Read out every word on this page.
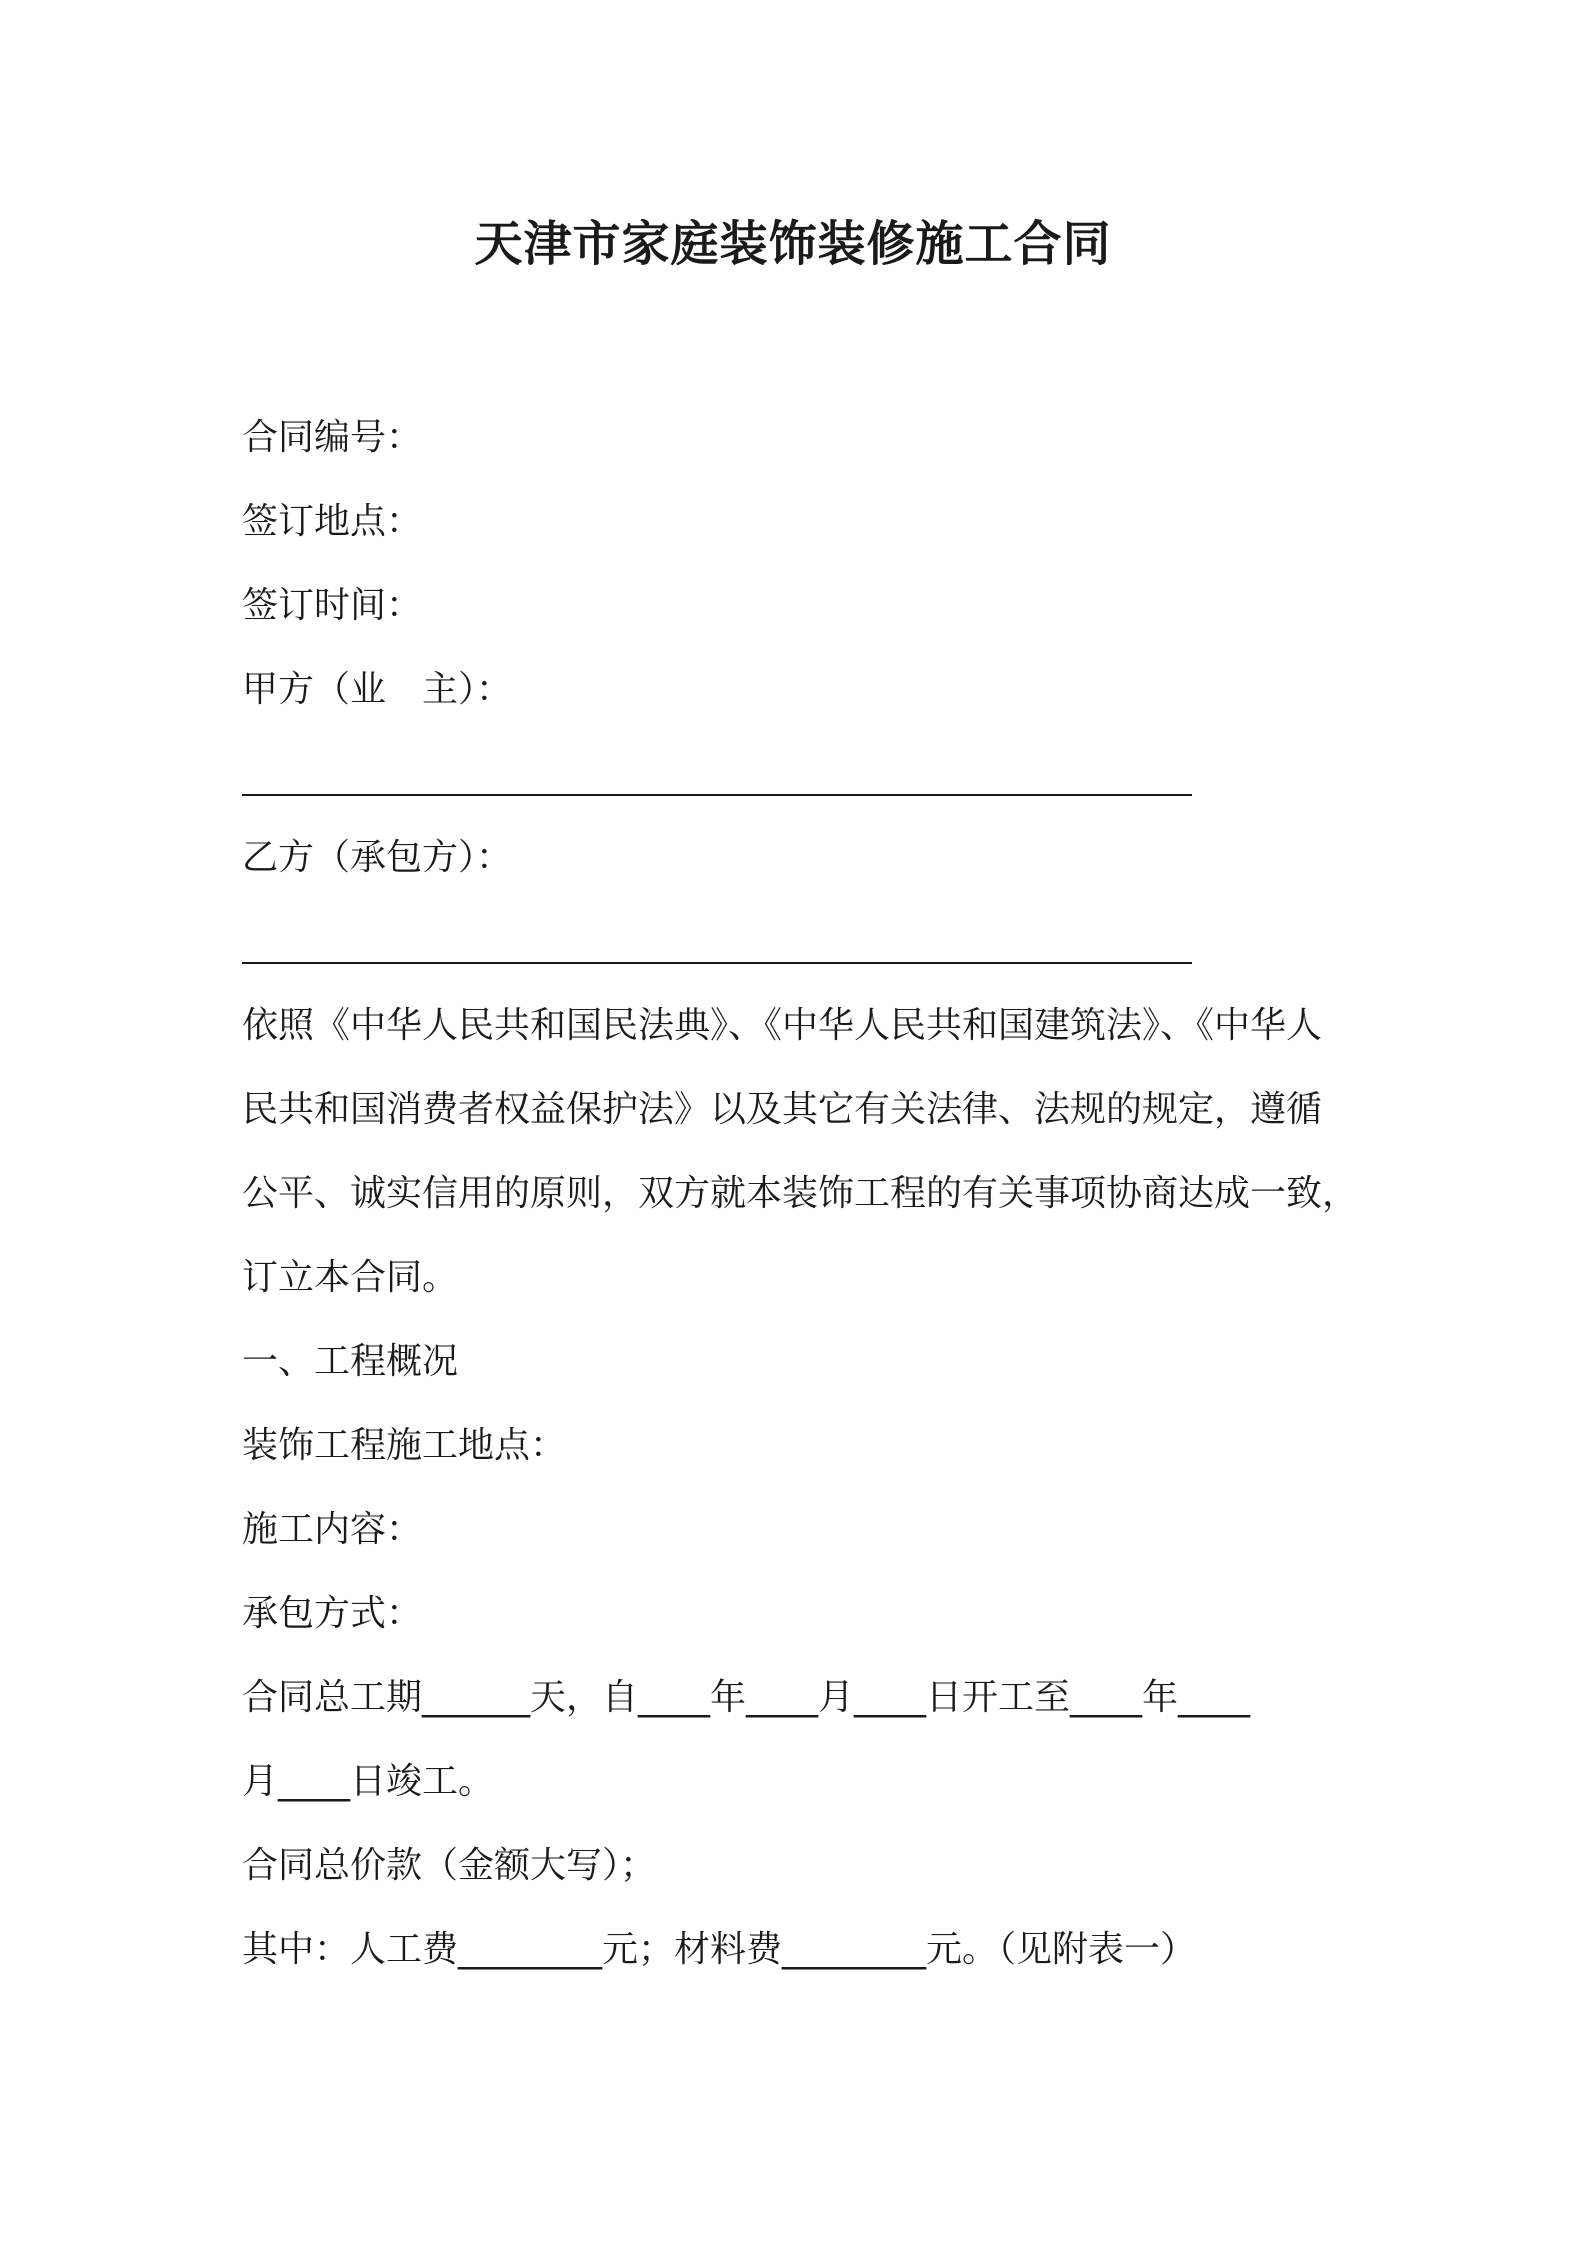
天津市家庭装饰装修施工合同
合同编号：
签订地点：
签订时间：
甲方（业　主）：
乙方（承包方）：
依照《中华人民共和国民法典》、《中华人民共和国建筑法》、《中华人
民共和国消费者权益保护法》以及其它有关法律、法规的规定，遵循
公平、诚实信用的原则，双方就本装饰工程的有关事项协商达成一致，
订立本合同。
一、工程概况
装饰工程施工地点：
施工内容：
承包方式：
合同总工期______天，自____年____月____日开工至____年____
月____日竣工。
合同总价款（金额大写）；
其中：人工费________元；材料费________元。（见附表一）
